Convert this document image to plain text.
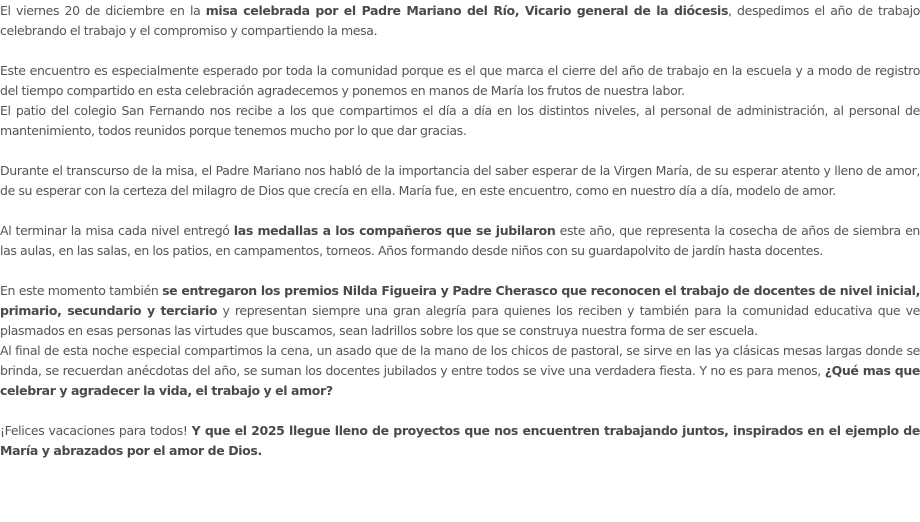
El viernes 20 de diciembre en la misa celebrada por el Padre Mariano del Río, Vicario general de la diócesis, despedimos el año de trabajo celebrando el trabajo y el compromiso y compartiendo la mesa.

Este encuentro es especialmente esperado por toda la comunidad porque es el que marca el cierre del año de trabajo en la escuela y a modo de registro del tiempo compartido en esta celebración agradecemos y ponemos en manos de María los frutos de nuestra labor.

El patio del colegio San Fernando nos recibe a los que compartimos el día a día en los distintos niveles, al personal de administración, al personal de mantenimiento, todos reunidos porque tenemos mucho por lo que dar gracias.

Durante el transcurso de la misa, el Padre Mariano nos habló de la importancia del saber esperar de la Virgen María, de su esperar atento y lleno de amor, de su esperar con la certeza del milagro de Dios que crecía en ella. María fue, en este encuentro, como en nuestro día a día, modelo de amor.

Al terminar la misa cada nivel entregó las medallas a los compañeros que se jubilaron este año, que representa la cosecha de años de siembra en las aulas, en las salas, en los patios, en campamentos, torneos. Años formando desde niños con su guardapolvito de jardín hasta docentes.

En este momento también se entregaron los premios Nilda Figueira y Padre Cherasco que reconocen el trabajo de docentes de nivel inicial, primario, secundario y terciario y representan siempre una gran alegría para quienes los reciben y también para la comunidad educativa que ve plasmados en esas personas las virtudes que buscamos, sean ladrillos sobre los que se construya nuestra forma de ser escuela.

Al final de esta noche especial compartimos la cena, un asado que de la mano de los chicos de pastoral, se sirve en las ya clásicas mesas largas donde se brinda, se recuerdan anécdotas del año, se suman los docentes jubilados y entre todos se vive una verdadera fiesta. Y no es para menos, ¿Qué mas que celebrar y agradecer la vida, el trabajo y el amor?

¡Felices vacaciones para todos! Y que el 2025 llegue lleno de proyectos que nos encuentren trabajando juntos, inspirados en el ejemplo de María y abrazados por el amor de Dios.
